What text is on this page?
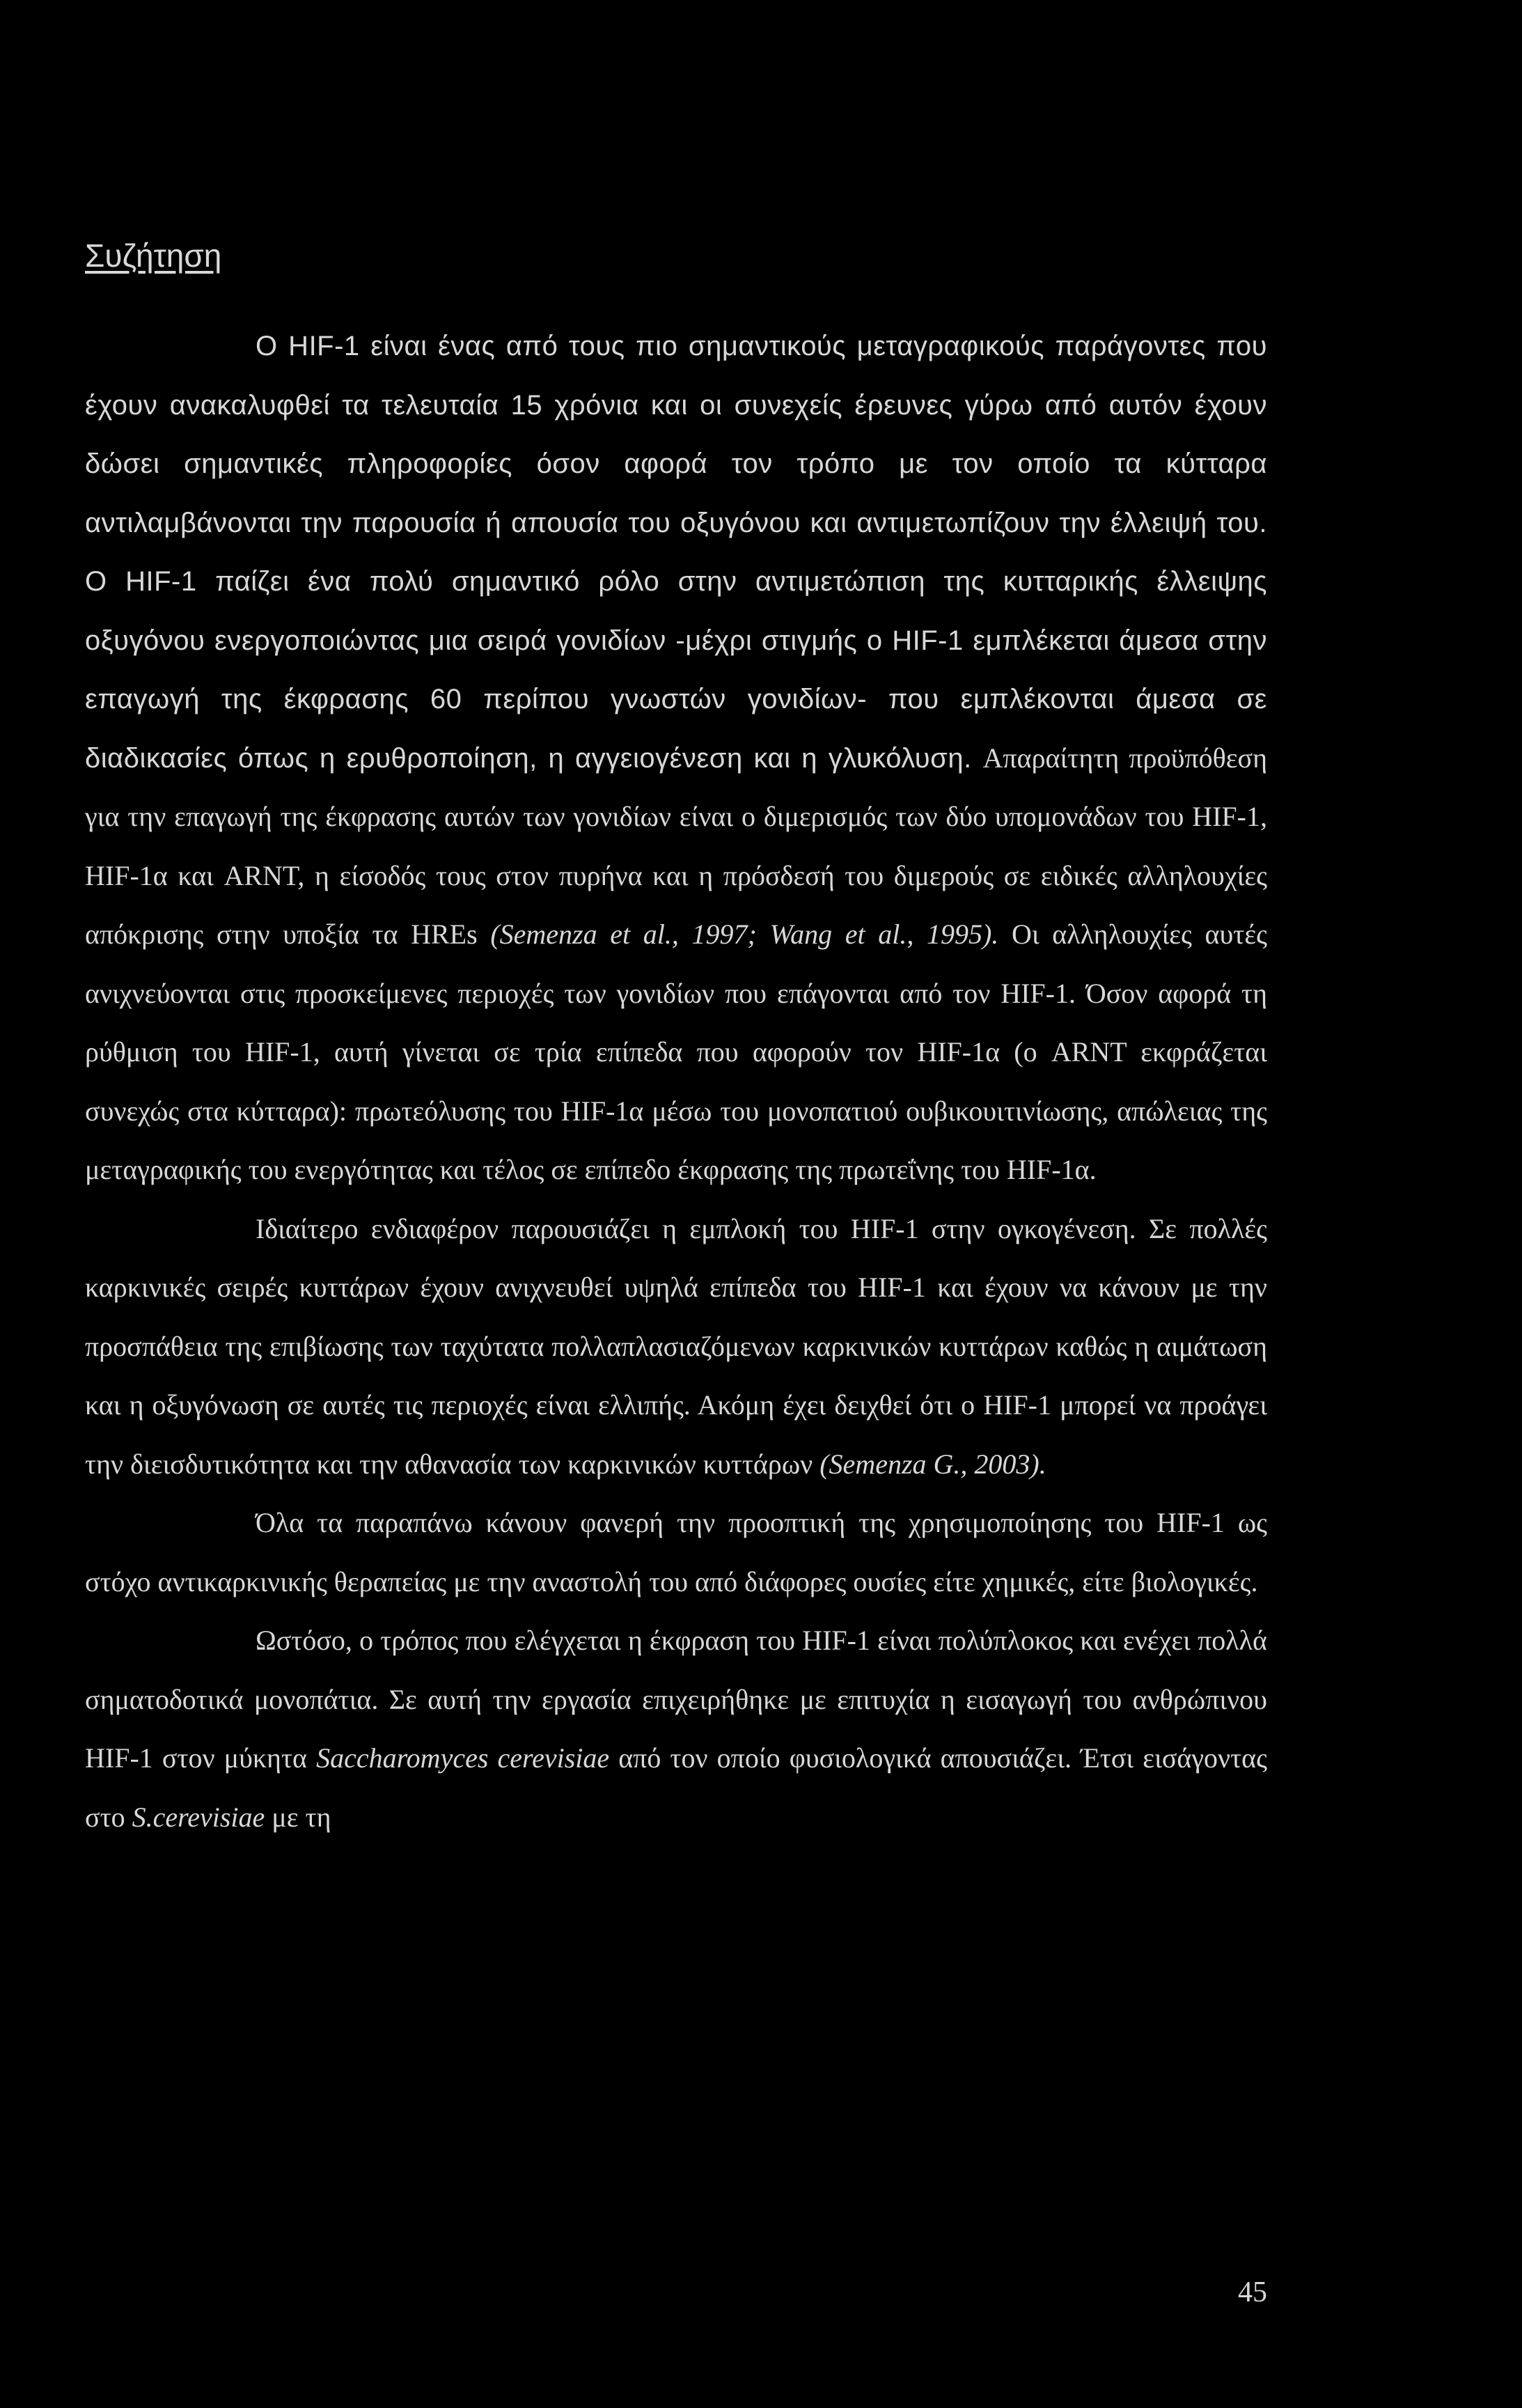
Συζήτηση

Ο HIF-1 είναι ένας από τους πιο σημαντικούς μεταγραφικούς παράγοντες που έχουν ανακαλυφθεί τα τελευταία 15 χρόνια και οι συνεχείς έρευνες γύρω από αυτόν έχουν δώσει σημαντικές πληροφορίες όσον αφορά τον τρόπο με τον οποίο τα κύτταρα αντιλαμβάνονται την παρουσία ή απουσία του οξυγόνου και αντιμετωπίζουν την έλλειψή του. Ο HIF-1 παίζει ένα πολύ σημαντικό ρόλο στην αντιμετώπιση της κυτταρικής έλλειψης οξυγόνου ενεργοποιώντας μια σειρά γονιδίων -μέχρι στιγμής ο HIF-1 εμπλέκεται άμεσα στην επαγωγή της έκφρασης 60 περίπου γνωστών γονιδίων- που εμπλέκονται άμεσα σε διαδικασίες όπως η ερυθροποίηση, η αγγειογένεση και η γλυκόλυση. Απαραίτητη προϋπόθεση για την επαγωγή της έκφρασης αυτών των γονιδίων είναι ο διμερισμός των δύο υπομονάδων του HIF-1, HIF-1α και ARNT, η είσοδός τους στον πυρήνα και η πρόσδεσή του διμερούς σε ειδικές αλληλουχίες απόκρισης στην υποξία τα HREs (Semenza et al., 1997; Wang et al., 1995). Οι αλληλουχίες αυτές ανιχνεύονται στις προσκείμενες περιοχές των γονιδίων που επάγονται από τον HIF-1. Όσον αφορά τη ρύθμιση του HIF-1, αυτή γίνεται σε τρία επίπεδα που αφορούν τον HIF-1α (ο ARNT εκφράζεται συνεχώς στα κύτταρα): πρωτεόλυσης του HIF-1α μέσω του μονοπατιού ουβικουιτινίωσης, απώλειας της μεταγραφικής του ενεργότητας και τέλος σε επίπεδο έκφρασης της πρωτεΐνης του HIF-1α.

Ιδιαίτερο ενδιαφέρον παρουσιάζει η εμπλοκή του HIF-1 στην ογκογένεση. Σε πολλές καρκινικές σειρές κυττάρων έχουν ανιχνευθεί υψηλά επίπεδα του HIF-1 και έχουν να κάνουν με την προσπάθεια της επιβίωσης των ταχύτατα πολλαπλασιαζόμενων καρκινικών κυττάρων καθώς η αιμάτωση και η οξυγόνωση σε αυτές τις περιοχές είναι ελλιπής. Ακόμη έχει δειχθεί ότι ο HIF-1 μπορεί να προάγει την διεισδυτικότητα και την αθανασία των καρκινικών κυττάρων (Semenza G., 2003).

Όλα τα παραπάνω κάνουν φανερή την προοπτική της χρησιμοποίησης του HIF-1 ως στόχο αντικαρκινικής θεραπείας με την αναστολή του από διάφορες ουσίες είτε χημικές, είτε βιολογικές.

Ωστόσο, ο τρόπος που ελέγχεται η έκφραση του HIF-1 είναι πολύπλοκος και ενέχει πολλά σηματοδοτικά μονοπάτια. Σε αυτή την εργασία επιχειρήθηκε με επιτυχία η εισαγωγή του ανθρώπινου HIF-1 στον μύκητα Saccharomyces cerevisiae από τον οποίο φυσιολογικά απουσιάζει. Έτσι εισάγοντας στο S.cerevisiae με τη

45
